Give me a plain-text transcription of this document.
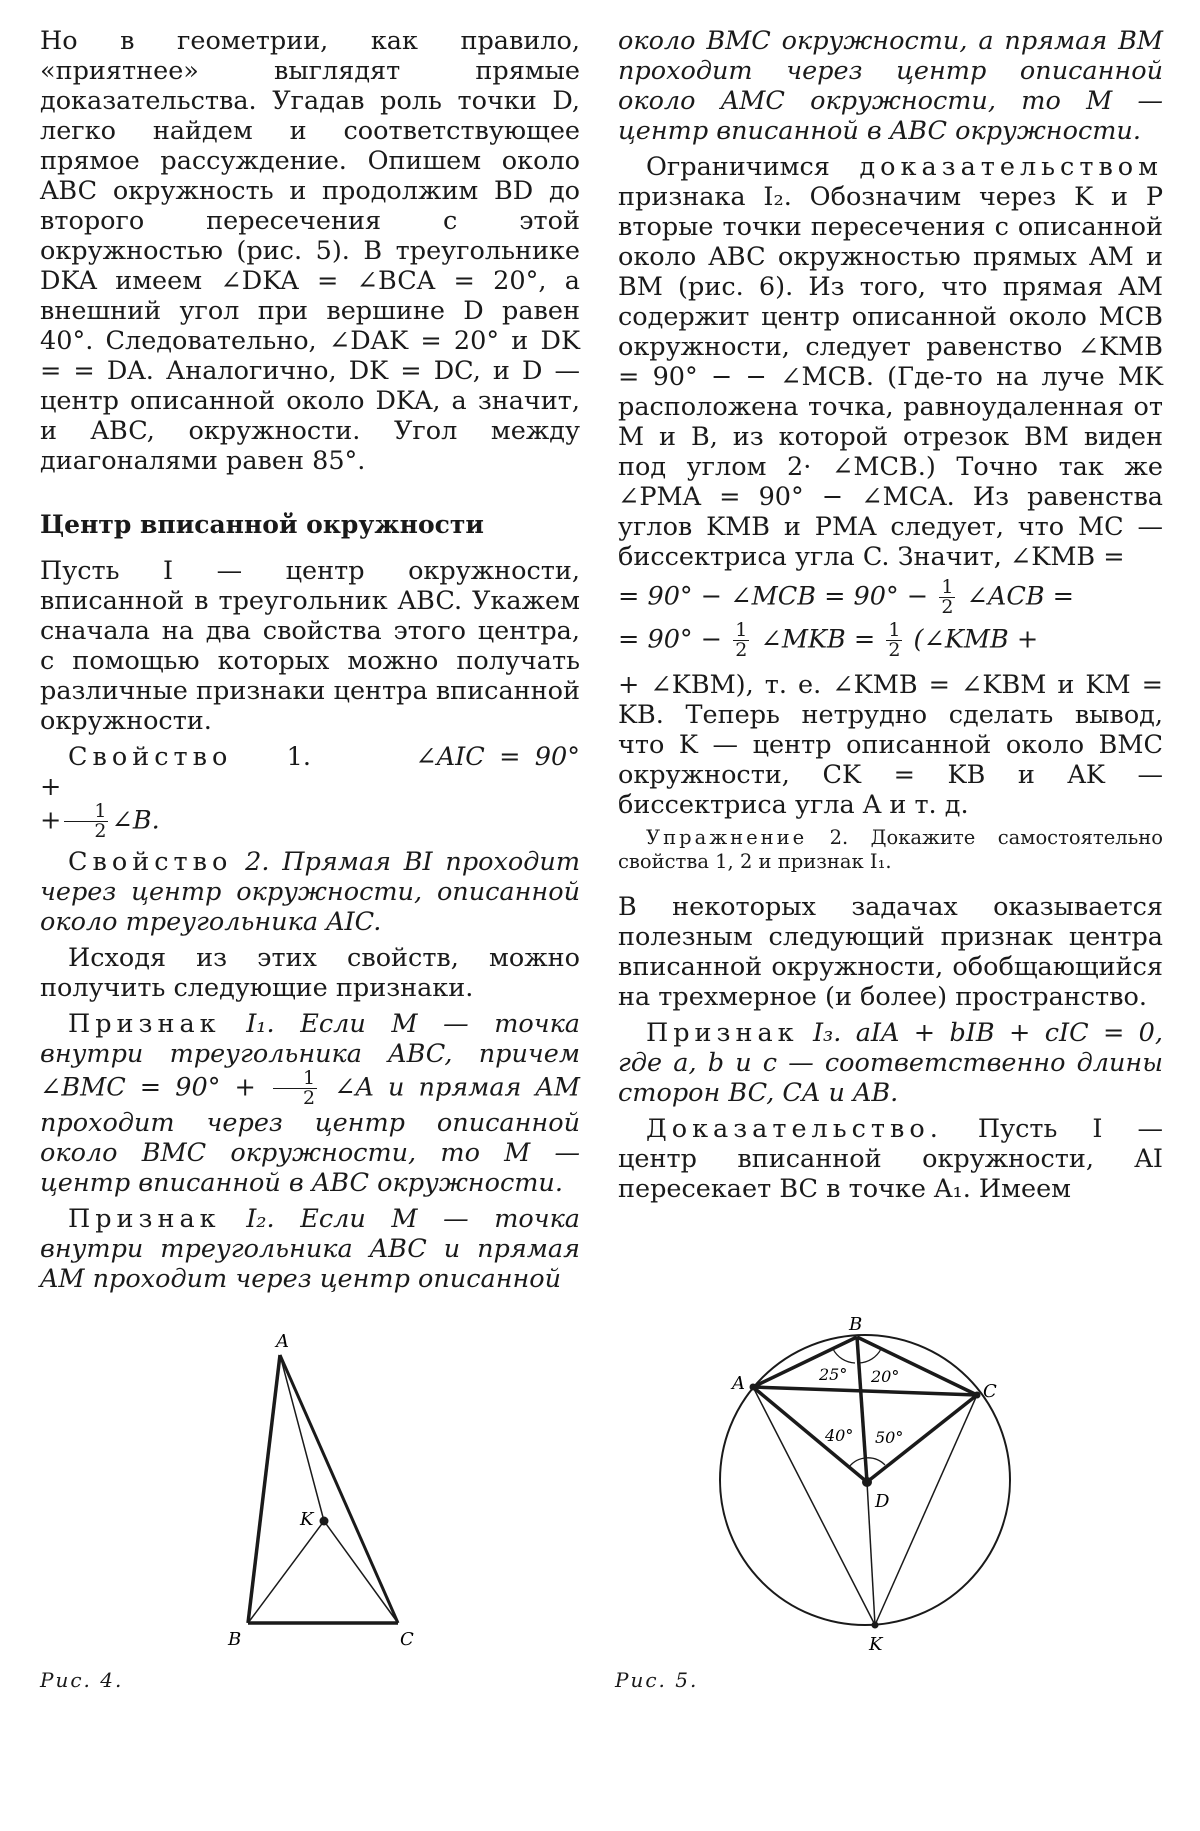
Но в геометрии, как правило, «приятнее» выглядят прямые доказательства. Угадав роль точки D, легко найдем и соответствующее прямое рассуждение. Опишем около ABC окружность и продолжим BD до второго пересечения с этой окружностью (рис. 5). В треугольнике DKA имеем ∠DKA = ∠BCA = 20°, а внешний угол при вершине D равен 40°. Следовательно, ∠DAK = 20° и DK = = DA. Аналогично, DK = DC, и D — центр описанной около DKA, а значит, и ABC, окружности. Угол между диагоналями равен 85°.

Центр вписанной окружности

Пусть I — центр окружности, вписанной в треугольник ABC. Укажем сначала на два свойства этого центра, с помощью которых можно получать различные признаки центра вписанной окружности.

Свойство 1.	∠AIC = 90° +
+ $\frac{1}{2}$ ∠B.

Свойство 2. Прямая BI проходит через центр окружности, описанной около треугольника AIC.

Исходя из этих свойств, можно получить следующие признаки.

Признак I₁. Если M — точка внутри треугольника ABC, причем ∠BMC = $90^\circ + \frac{1}{2}$ ∠A и прямая AM проходит через центр описанной около BMC окружности, то M — центр вписанной в ABC окружности.

Признак I₂. Если M — точка внутри треугольника ABC и прямая AM проходит через центр описанной

около BMC окружности, а прямая BM проходит через центр описанной около AMC окружности, то M — центр вписанной в ABC окружности.

Ограничимся доказательством признака I₂. Обозначим через K и P вторые точки пересечения с описанной около ABC окружностью прямых AM и BM (рис. 6). Из того, что прямая AM содержит центр описанной около MCB окружности, следует равенство ∠KMB = 90° − − ∠MCB. (Где-то на луче MK расположена точка, равноудаленная от M и B, из которой отрезок BM виден под углом 2· ∠MCB.) Точно так же ∠PMA = 90° − ∠MCA. Из равенства углов KMB и PMA следует, что MC — биссектриса угла C. Значит, ∠KMB =

= 90° − ∠MCB = $90^\circ - \frac{1}{2}$ ∠ACB =

= $90^\circ - \frac{1}{2}$ ∠MKB = $\frac{1}{2}$ (∠KMB +

+ ∠KBM), т. е. ∠KMB = ∠KBM и KM = KB. Теперь нетрудно сделать вывод, что K — центр описанной около BMC окружности, CK = KB и AK — биссектриса угла A и т. д.

Упражнение 2. Докажите самостоятельно свойства 1, 2 и признак I₁.

В некоторых задачах оказывается полезным следующий признак центра вписанной окружности, обобщающийся на трехмерное (и более) пространство.

Признак I₃. aIA + bIB + cIC = 0, где a, b и c — соответственно длины сторон BC, CA и AB.

Доказательство. Пусть I — центр вписанной окружности, AI пересекает BC в точке A₁. Имеем

A
B	C
K
Рис. 4.
A
B
C
D
K
25° 20°
40° 50°
Рис. 5.
